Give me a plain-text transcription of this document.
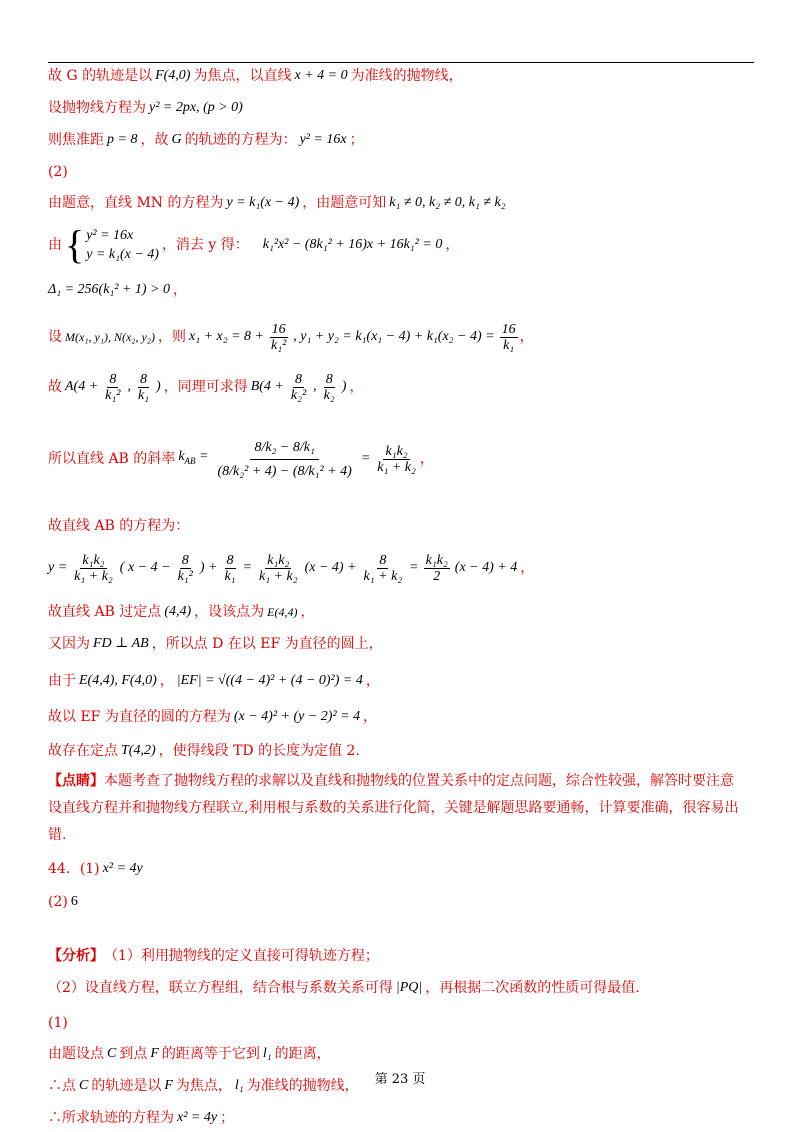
故 G 的轨迹是以 F(4,0) 为焦点，以直线 x + 4 = 0 为准线的抛物线，
设抛物线方程为 y² = 2px, (p > 0)
则焦准距 p = 8 ，故 G 的轨迹的方程为： y² = 16x ；
(2)
由题意，直线 MN 的方程为 y = k₁(x − 4) ，由题意可知 k₁ ≠ 0, k₂ ≠ 0, k₁ ≠ k₂
由 { y² = 16x
y = k₁(x − 4)
，消去 y 得： k₁²x² − (8k₁² + 16)x + 16k₁² = 0 ，
Δ₁ = 256(k₁² + 1) > 0 ，
设 M(x₁, y₁), N(x₂, y₂) ，则 $x_1 + x_2 = 8 + \frac{16}{\text{k₁²}}$ , $y_1 + y_2 = k_1(x_1 - 4) + k_1(x_2 - 4) = \frac{16}{\text{k₁}}$ ，
故 $A(4 + \frac{8}{\text{k₁²}}$ , $\frac{8}{\text{k₁}}$ ) ，同理可求得 $B(4 + \frac{8}{\text{k₂²}}$ , $\frac{8}{\text{k₂}}$ ) ，
所以直线 AB 的斜率 $k_{AB} = \frac{\text{8/k₂ − 8/k₁}}{\text{(8/k₂² + 4) − (8/k₁² + 4)}} = \frac{\text{k₁k₂}}{\text{k₁ + k₂}}$ ，
故直线 AB 的方程为：
$y = \frac{\text{k₁k₂}}{\text{k₁ + k₂}}$ ( $x - 4 - \frac{8}{\text{k₁²}}$ ) + $\frac{8}{\text{k₁}} = \frac{\text{k₁k₂}}{\text{k₁ + k₂}} (x - 4) + \frac{8}{\text{k₁ + k₂}} = \frac{\text{k₁k₂}}{2} (x - 4) + 4$ ，
故直线 AB 过定点 (4,4) ，设该点为 E(4,4) ，
又因为 FD ⊥ AB ，所以点 D 在以 EF 为直径的圆上，
由于 E(4,4), F(4,0) ， |EF| = √((4 − 4)² + (4 − 0)²) = 4 ，
故以 EF 为直径的圆的方程为 (x − 4)² + (y − 2)² = 4 ，
故存在定点 T(4,2) ，使得线段 TD 的长度为定值 2.
【点睛】 本题考查了抛物线方程的求解以及直线和抛物线的位置关系中的定点问题，综合性较强，解答时要注意
设直线方程并和抛物线方程联立,利用根与系数的关系进行化简，关键是解题思路要通畅，计算要准确，很容易出
错.
44．(1) x² = 4y
(2) 6
【分析】 （1）利用抛物线的定义直接可得轨迹方程；
（2）设直线方程，联立方程组，结合根与系数关系可得 |PQ| ，再根据二次函数的性质可得最值.
(1)
由题设点 C 到点 F 的距离等于它到 l₁ 的距离，
∴点 C 的轨迹是以 F 为焦点， l₁ 为准线的抛物线，
∴所求轨迹的方程为 x² = 4y ；
第 23 页
